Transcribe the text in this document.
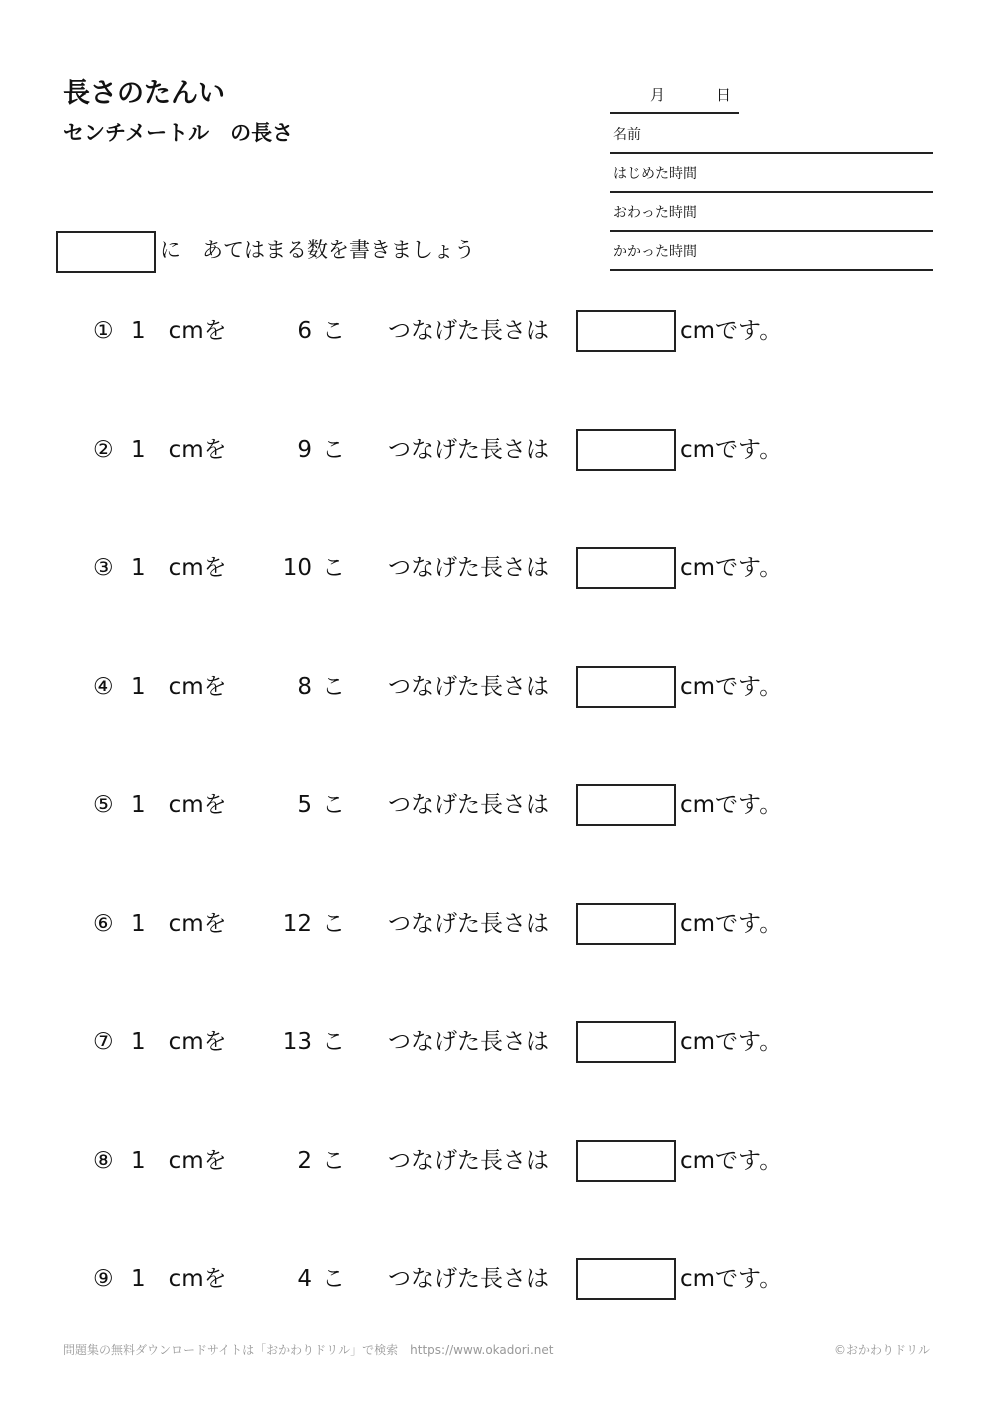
長さのたんい
センチメートル　の長さ
月	日
名前
はじめた時間
おわった時間
かかった時間
に　あてはまる数を書きましょう
① 1　cmを	6 こ つなげた長さは	cmです。
② 1　cmを	9 こ つなげた長さは	cmです。
③ 1　cmを	10 こ つなげた長さは	cmです。
④ 1　cmを	8 こ つなげた長さは	cmです。
⑤ 1　cmを	5 こ つなげた長さは	cmです。
⑥ 1　cmを	12 こ つなげた長さは	cmです。
⑦ 1　cmを	13 こ つなげた長さは	cmです。
⑧ 1　cmを	2 こ つなげた長さは	cmです。
⑨ 1　cmを	4 こ つなげた長さは	cmです。
問題集の無料ダウンロードサイトは「おかわりドリル」で検索　https://www.okadori.net	©おかわりドリル
